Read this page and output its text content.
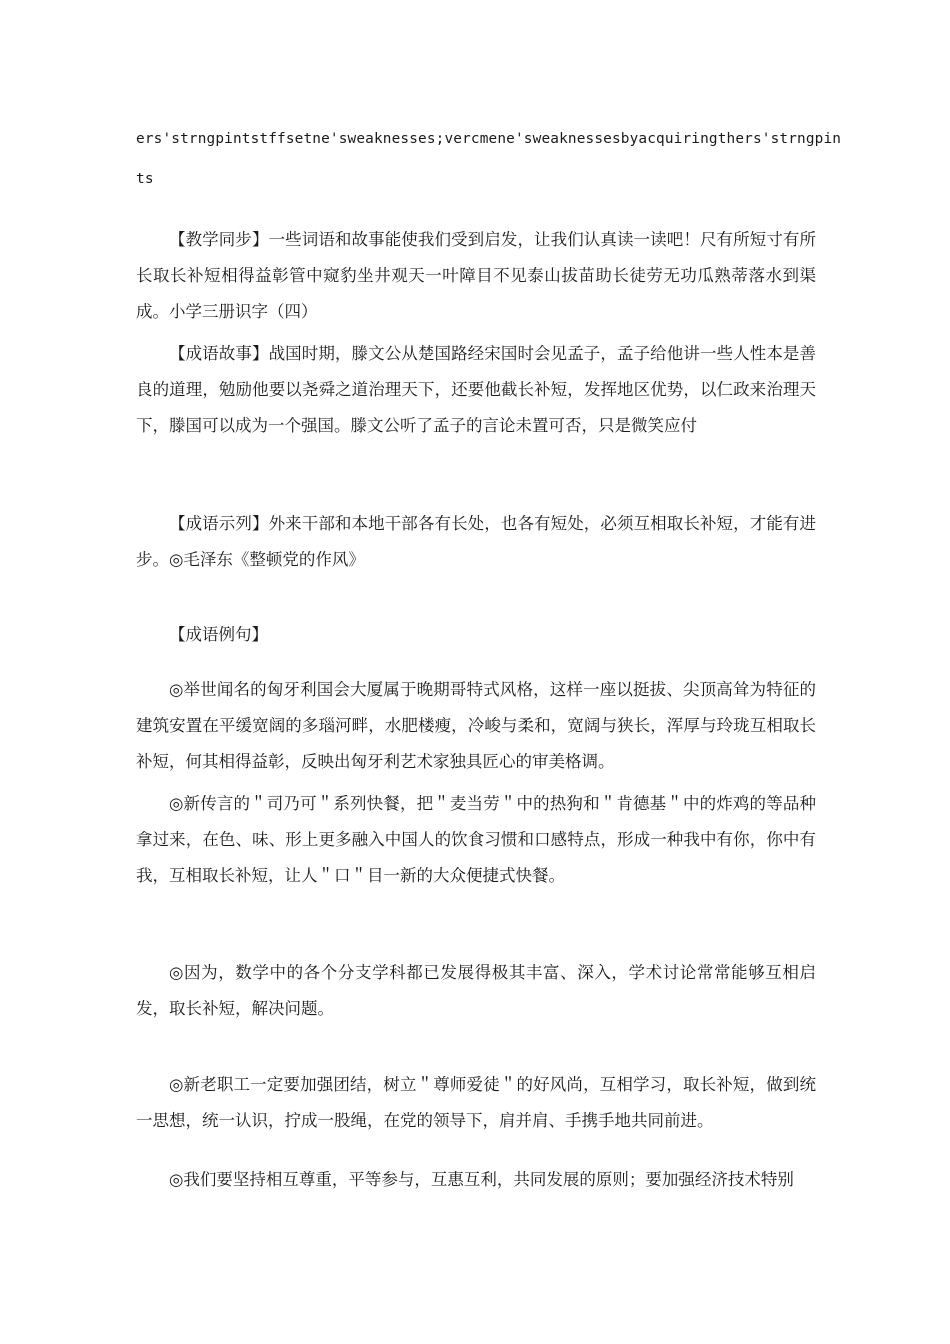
ers'strngpintstffsetne'sweaknesses;vercmene'sweaknessesbyacquiringthers'strngpin
ts

【教学同步】一些词语和故事能使我们受到启发，让我们认真读一读吧！尺有所短寸有所长取长补短相得益彰管中窥豹坐井观天一叶障目不见泰山拔苗助长徒劳无功瓜熟蒂落水到渠成。小学三册识字（四）

【成语故事】战国时期，滕文公从楚国路经宋国时会见孟子，孟子给他讲一些人性本是善良的道理，勉励他要以尧舜之道治理天下，还要他截长补短，发挥地区优势，以仁政来治理天下，滕国可以成为一个强国。滕文公听了孟子的言论未置可否，只是微笑应付

【成语示列】外来干部和本地干部各有长处，也各有短处，必须互相取长补短，才能有进步。◎毛泽东《整顿党的作风》

【成语例句】

◎举世闻名的匈牙利国会大厦属于晚期哥特式风格，这样一座以挺拔、尖顶高耸为特征的建筑安置在平缓宽阔的多瑙河畔，水肥楼瘦，冷峻与柔和，宽阔与狭长，浑厚与玲珑互相取长补短，何其相得益彰，反映出匈牙利艺术家独具匠心的审美格调。

◎新传言的＂司乃可＂系列快餐，把＂麦当劳＂中的热狗和＂肯德基＂中的炸鸡的等品种拿过来，在色、味、形上更多融入中国人的饮食习惯和口感特点，形成一种我中有你，你中有我，互相取长补短，让人＂口＂目一新的大众便捷式快餐。

◎因为，数学中的各个分支学科都已发展得极其丰富、深入，学术讨论常常能够互相启发，取长补短，解决问题。

◎新老职工一定要加强团结，树立＂尊师爱徒＂的好风尚，互相学习，取长补短，做到统一思想，统一认识，拧成一股绳，在党的领导下，肩并肩、手携手地共同前进。

◎我们要坚持相互尊重，平等参与，互惠互利，共同发展的原则；要加强经济技术特别
